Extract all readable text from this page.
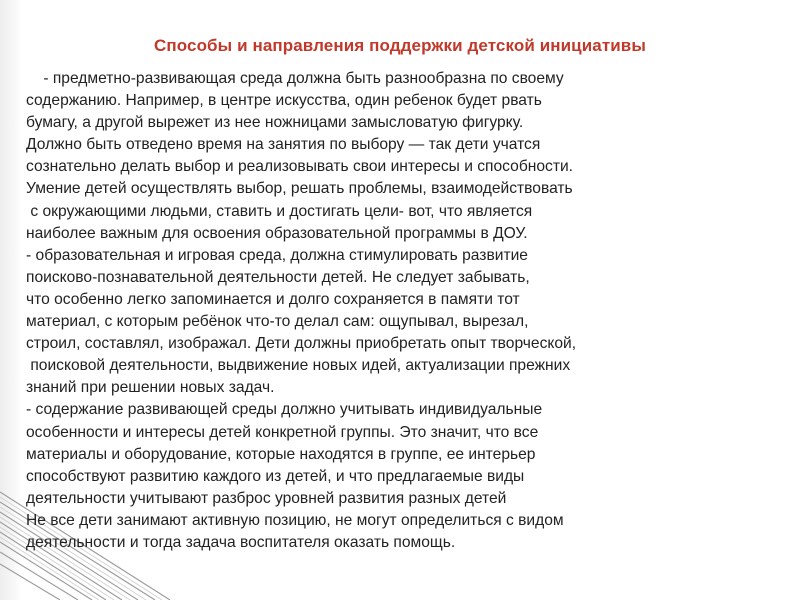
Способы и направления поддержки детской инициативы
- предметно-развивающая среда должна быть разнообразна по своему
содержанию. Например, в центре искусства, один ребенок будет рвать
бумагу, а другой вырежет из нее ножницами замысловатую фигурку.
Должно быть отведено время на занятия по выбору — так дети учатся
сознательно делать выбор и реализовывать свои интересы и способности.
Умение детей осуществлять выбор, решать проблемы, взаимодействовать
с окружающими людьми, ставить и достигать цели- вот, что является
наиболее важным для освоения образовательной программы в ДОУ.
- образовательная и игровая среда, должна стимулировать развитие
поисково-познавательной деятельности детей. Не следует забывать,
что особенно легко запоминается и долго сохраняется в памяти тот
материал, с которым ребёнок что-то делал сам: ощупывал, вырезал,
строил, составлял, изображал. Дети должны приобретать опыт творческой,
поисковой деятельности, выдвижение новых идей, актуализации прежних
знаний при решении новых задач.
- содержание развивающей среды должно учитывать индивидуальные
особенности и интересы детей конкретной группы. Это значит, что все
материалы и оборудование, которые находятся в группе, ее интерьер
способствуют развитию каждого из детей, и что предлагаемые виды
деятельности учитывают разброс уровней развития разных детей
Не все дети занимают активную позицию, не могут определиться с видом
деятельности и тогда задача воспитателя оказать помощь.
